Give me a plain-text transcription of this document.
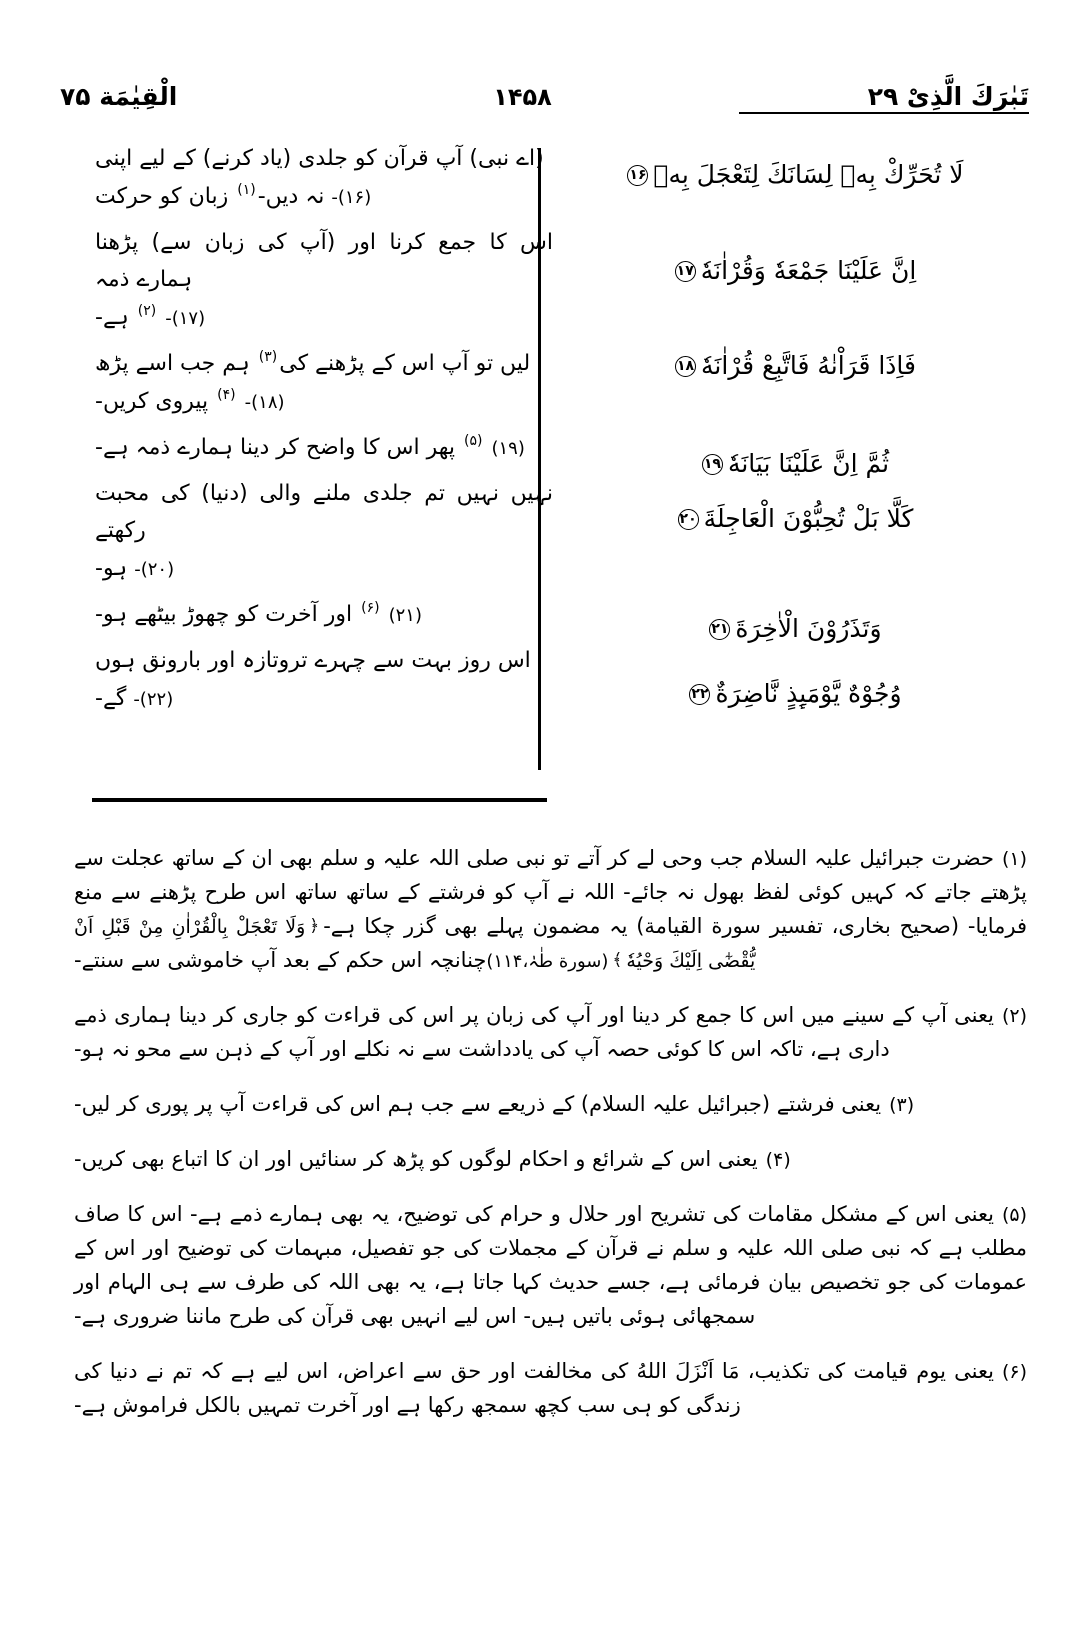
تَبٰرَكَ الَّذِیْ ۲۹
۱۴۵۸
الْقِيٰمَة ۷۵
لَا تُحَرِّكْ بِهٖ لِسَانَكَ لِتَعْجَلَ بِهٖ۱۶
اِنَّ عَلَيْنَا جَمْعَهٗ وَقُرْاٰنَهٗ۱۷
فَاِذَا قَرَاْنٰهُ فَاتَّبِعْ قُرْاٰنَهٗ۱۸
ثُمَّ اِنَّ عَلَيْنَا بَيَانَهٗ۱۹
كَلَّا بَلْ تُحِبُّوْنَ الْعَاجِلَةَ۲۰
وَتَذَرُوْنَ الْاٰخِرَةَ۲۱
وُجُوْهٌ يَّوْمَىِٕذٍ نَّاضِرَةٌ۲۲
(اے نبی) آپ قرآن کو جلدی (یاد کرنے) کے لیے اپنی
(۱۶)- نہ دیں-$^{(۱)}$ زبان کو حرکت
اس کا جمع کرنا اور (آپ کی زبان سے) پڑھنا ہمارے ذمہ
(۱۷)- $^{(۲)}$ ہے-
لیں تو آپ اس کے پڑھنے کی$^{(۳)}$ ہم جب اسے پڑھ
(۱۸)- $^{(۴)}$ پیروی کریں-
(۱۹) $^{(۵)}$ پھر اس کا واضح کر دینا ہمارے ذمہ ہے-
نہیں نہیں تم جلدی ملنے والی (دنیا) کی محبت رکھتے
(۲۰)- ہو-
(۲۱) $^{(۶)}$ اور آخرت کو چھوڑ بیٹھے ہو-
اس روز بہت سے چہرے تروتازہ اور بارونق ہوں
(۲۲)- گے-

(۱)حضرت جبرائیل علیہ السلام جب وحی لے کر آتے تو نبی صلی اللہ علیہ و سلم بھی ان کے ساتھ عجلت سے پڑھتے جاتے کہ کہیں کوئی لفظ بھول نہ جائے- اللہ نے آپ کو فرشتے کے ساتھ ساتھ اس طرح پڑھنے سے منع فرمایا- (صحیح بخاری، تفسیر سورة القیامة) یہ مضمون پہلے بھی گزر چکا ہے-﴿وَلَا تَعْجَلْ بِالْقُرْاٰنِ مِنْ قَبْلِ اَنْ يُّقْضٰٓى اِلَيْكَ وَحْيُهٗ﴾(سورة طٰہٰ،۱۱۴)چنانچہ اس حکم کے بعد آپ خاموشی سے سنتے-

(۲)یعنی آپ کے سینے میں اس کا جمع کر دینا اور آپ کی زبان پر اس کی قراءت کو جاری کر دینا ہماری ذمے داری ہے، تاکہ اس کا کوئی حصہ آپ کی یادداشت سے نہ نکلے اور آپ کے ذہن سے محو نہ ہو-

(۳)یعنی فرشتے (جبرائیل علیہ السلام) کے ذریعے سے جب ہم اس کی قراءت آپ پر پوری کر لیں-

(۴)یعنی اس کے شرائع و احکام لوگوں کو پڑھ کر سنائیں اور ان کا اتباع بھی کریں-

(۵)یعنی اس کے مشکل مقامات کی تشریح اور حلال و حرام کی توضیح، یہ بھی ہمارے ذمے ہے- اس کا صاف مطلب ہے کہ نبی صلی اللہ علیہ و سلم نے قرآن کے مجملات کی جو تفصیل، مبہمات کی توضیح اور اس کے عمومات کی جو تخصیص بیان فرمائی ہے، جسے حدیث کہا جاتا ہے، یہ بھی اللہ کی طرف سے ہی الہام اور سمجھائی ہوئی باتیں ہیں- اس لیے انہیں بھی قرآن کی طرح ماننا ضروری ہے-

(۶)یعنی یوم قیامت کی تکذیب، مَا اَنْزَلَ اللهُ کی مخالفت اور حق سے اعراض، اس لیے ہے کہ تم نے دنیا کی زندگی کو ہی سب کچھ سمجھ رکھا ہے اور آخرت تمہیں بالکل فراموش ہے-
